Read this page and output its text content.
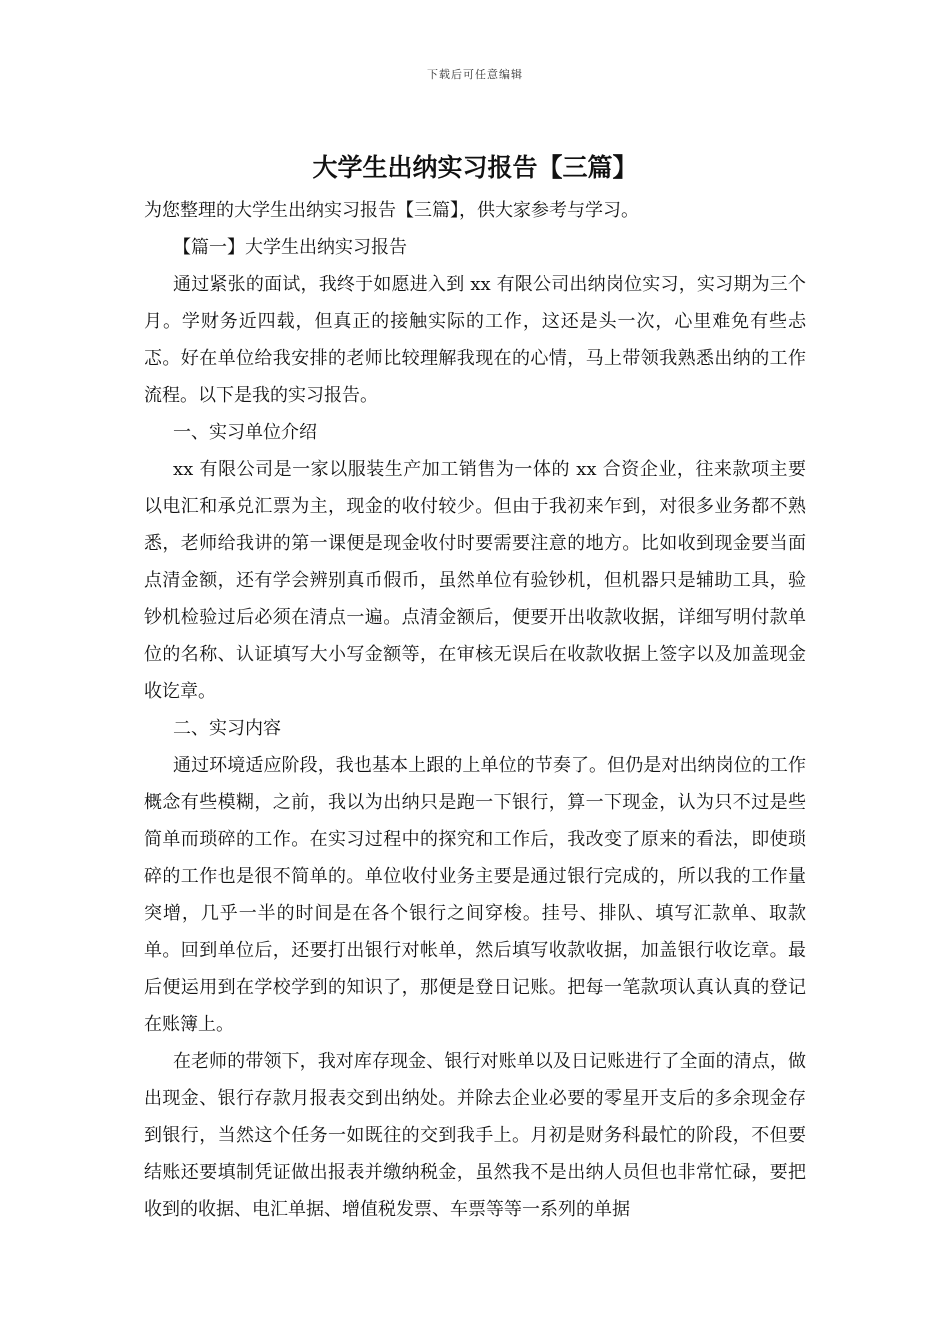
下载后可任意编辑
大学生出纳实习报告【三篇】

为您整理的大学生出纳实习报告【三篇】，供大家参考与学习。

【篇一】大学生出纳实习报告

通过紧张的面试，我终于如愿进入到 xx 有限公司出纳岗位实习，实习期为三个月。学财务近四载，但真正的接触实际的工作，这还是头一次，心里难免有些忐忑。好在单位给我安排的老师比较理解我现在的心情，马上带领我熟悉出纳的工作流程。以下是我的实习报告。

一、实习单位介绍

xx 有限公司是一家以服装生产加工销售为一体的 xx 合资企业，往来款项主要以电汇和承兑汇票为主，现金的收付较少。但由于我初来乍到，对很多业务都不熟悉，老师给我讲的第一课便是现金收付时要需要注意的地方。比如收到现金要当面点清金额，还有学会辨别真币假币，虽然单位有验钞机，但机器只是辅助工具，验钞机检验过后必须在清点一遍。点清金额后，便要开出收款收据，详细写明付款单位的名称、认证填写大小写金额等，在审核无误后在收款收据上签字以及加盖现金收讫章。

二、实习内容

通过环境适应阶段，我也基本上跟的上单位的节奏了。但仍是对出纳岗位的工作概念有些模糊，之前，我以为出纳只是跑一下银行，算一下现金，认为只不过是些简单而琐碎的工作。在实习过程中的探究和工作后，我改变了原来的看法，即使琐碎的工作也是很不简单的。单位收付业务主要是通过银行完成的，所以我的工作量突增，几乎一半的时间是在各个银行之间穿梭。挂号、排队、填写汇款单、取款单。回到单位后，还要打出银行对帐单，然后填写收款收据，加盖银行收讫章。最后便运用到在学校学到的知识了，那便是登日记账。把每一笔款项认真认真的登记在账簿上。

在老师的带领下，我对库存现金、银行对账单以及日记账进行了全面的清点，做出现金、银行存款月报表交到出纳处。并除去企业必要的零星开支后的多余现金存到银行，当然这个任务一如既往的交到我手上。月初是财务科最忙的阶段，不但要结账还要填制凭证做出报表并缴纳税金，虽然我不是出纳人员但也非常忙碌，要把收到的收据、电汇单据、增值税发票、车票等等一系列的单据
